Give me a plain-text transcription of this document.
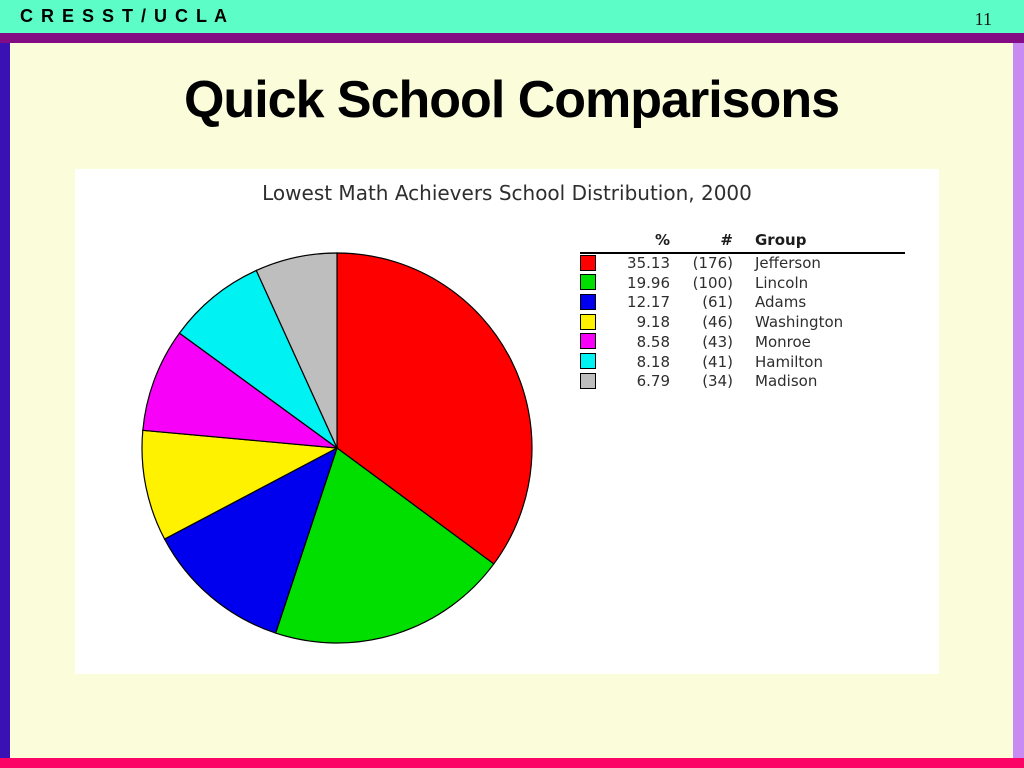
C R E S S T / U C L A	11
Quick School Comparisons
Lowest Math Achievers School Distribution, 2000
	%	#	Group
	35.13	(176)	Jefferson
	19.96	(100)	Lincoln
	12.17	(61)	Adams
	9.18	(46)	Washington
	8.58	(43)	Monroe
	8.18	(41)	Hamilton
	6.79	(34)	Madison
